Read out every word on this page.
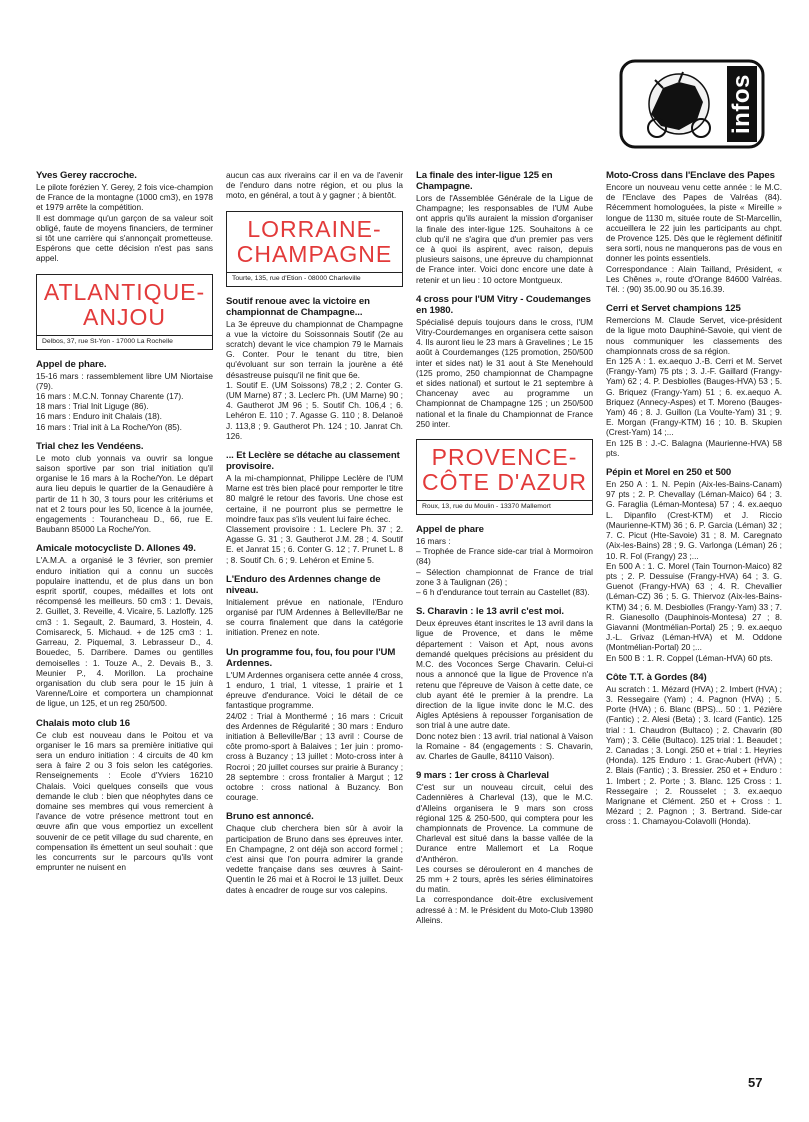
infos
Yves Gerey raccroche.
Le pilote forézien Y. Gerey, 2 fois vice-champion de France de la montagne (1000 cm3), en 1978 et 1979 arrête la compétition.
Il est dommage qu'un garçon de sa valeur soit obligé, faute de moyens financiers, de terminer si tôt une carrière qui s'annonçait prometteuse. Espérons que cette décision n'est pas sans appel.
ATLANTIQUE-
ANJOU
Delbos, 37, rue St-Yon - 17000 La Rochelle
Appel de phare.
15-16 mars : rassemblement libre UM Niortaise (79).
16 mars : M.C.N. Tonnay Charente (17).
18 mars : Trial Init Liguge (86).
16 mars : Enduro init Chalais (18).
16 mars : Trial init à La Roche/Yon (85).
Trial chez les Vendéens.
Le moto club yonnais va ouvrir sa longue saison sportive par son trial initiation qu'il organise le 16 mars à la Roche/Yon. Le départ aura lieu depuis le quartier de la Genaudière à partir de 11 h 30, 3 tours pour les critériums et nat et 2 tours pour les 50, licence à la journée, engagements : Tourancheau D., 66, rue E. Baubann 85000 La Roche/Yon.
Amicale motocycliste D. Allones 49.
L'A.M.A. a organisé le 3 février, son premier enduro initiation qui a connu un succès populaire inattendu, et de plus dans un bon esprit sportif, coupes, médailles et lots ont récompensé les meilleurs. 50 cm3 : 1. Devais, 2. Guillet, 3. Reveille, 4. Vicaire, 5. Lazloffy. 125 cm3 : 1. Segault, 2. Baumard, 3. Hostein, 4. Comisareck, 5. Michaud. + de 125 cm3 : 1. Garreau, 2. Piquemal, 3. Lebrasseur D., 4. Bouedec, 5. Darribere. Dames ou gentilles demoiselles : 1. Touze A., 2. Devais B., 3. Meunier P., 4. Morillon. La prochaine organisation du club sera pour le 15 juin à Varenne/Loire et comportera un championnat de ligue, un 125, et un reg 250/500.
Chalais moto club 16
Ce club est nouveau dans le Poitou et va organiser le 16 mars sa première initiative qui sera un enduro initiation : 4 circuits de 40 km sera à faire 2 ou 3 fois selon les catégories. Renseignements : Ecole d'Yviers 16210 Chalais. Voici quelques conseils que vous demande le club : bien que néophytes dans ce domaine ses membres qui vous remercient à l'avance de votre présence mettront tout en œuvre afin que vous emportiez un excellent souvenir de ce petit village du sud charente, en compensation ils émettent un seul souhait : que les concurrents sur le parcours qu'ils vont emprunter ne nuisent en
aucun cas aux riverains car il en va de l'avenir de l'enduro dans notre région, et ou plus la moto, en général, a tout à y gagner ; à bientôt.
LORRAINE-
CHAMPAGNE
Tourte, 135, rue d'Etion - 08000 Charleville
Soutif renoue avec la victoire en championnat de Champagne...
La 3e épreuve du championnat de Champagne a vue la victoire du Soissonnais Soutif (2e au scratch) devant le vice champion 79 le Marnais G. Conter. Pour le tenant du titre, bien qu'évoluant sur son terrain la jourène a été désastreuse puisqu'il ne finit que 6e.
1. Soutif E. (UM Soissons) 78,2 ; 2. Conter G. (UM Marne) 87 ; 3. Leclerc Ph. (UM Marne) 90 ; 4. Gautherot JM 96 ; 5. Soutif Ch. 106,4 ; 6. Lehéron E. 110 ; 7. Agasse G. 110 ; 8. Delanoë J. 113,8 ; 9. Gautherot Ph. 124 ; 10. Janrat Ch. 126.
... Et Leclère se détache au classement provisoire.
A la mi-championnat, Philippe Leclère de l'UM Marne est très bien placé pour remporter le titre 80 malgré le retour des favoris. Une chose est certaine, il ne pourront plus se permettre le moindre faux pas s'ils veulent lui faire échec.
Classement provisoire : 1. Leclere Ph. 37 ; 2. Agasse G. 31 ; 3. Gautherot J.M. 28 ; 4. Soutif E. et Janrat 15 ; 6. Conter G. 12 ; 7. Prunet L. 8 ; 8. Soutif Ch. 6 ; 9. Lehéron et Emine 5.
L'Enduro des Ardennes change de niveau.
Initialement prévue en nationale, l'Enduro organisé par l'UM Ardennes à Belleville/Bar ne se courra finalement que dans la catégorie initiation. Prenez en note.
Un programme fou, fou, fou pour l'UM Ardennes.
L'UM Ardennes organisera cette année 4 cross, 1 enduro, 1 trial, 1 vitesse, 1 prairie et 1 épreuve d'endurance. Voici le détail de ce fantastique programme.
24/02 : Trial à Monthermé ; 16 mars : Cricuit des Ardennes de Régularité ; 30 mars : Enduro initiation à Belleville/Bar ; 13 avril : Course de côte promo-sport à Balaives ; 1er juin : promo-cross à Buzancy ; 13 juillet : Moto-cross inter à Rocroi ; 20 juillet courses sur prairie à Burancy ; 28 septembre : cross frontalier à Margut ; 12 octobre : cross national à Buzancy. Bon courage.
Bruno est annoncé.
Chaque club cherchera bien sûr à avoir la participation de Bruno dans ses épreuves inter. En Champagne, 2 ont déjà son accord formel ; c'est ainsi que l'on pourra admirer la grande vedette française dans ses œuvres à Saint-Quentin le 26 mai et à Rocroi le 13 juillet. Deux dates à encadrer de rouge sur vos calepins.
La finale des inter-ligue 125 en Champagne.
Lors de l'Assemblée Générale de la Ligue de Champagne; les responsables de l'UM Aube ont appris qu'ils auraient la mission d'organiser la finale des inter-ligue 125. Souhaitons à ce club qu'il ne s'agira que d'un premier pas vers ce à quoi ils aspirent, avec raison, depuis plusieurs saisons, une épreuve du championnat de France inter. Voici donc encore une date à retenir et un lieu : 10 octore Montgueux.
4 cross pour l'UM Vitry - Coudemanges en 1980.
Spécialisé depuis toujours dans le cross, l'UM Vitry-Courdemanges en organisera cette saison 4. Ils auront lieu le 23 mars à Gravelines ; Le 15 août à Courdemanges (125 promotion, 250/500 inter et sides nat) le 31 aout à Ste Menehould (125 promo, 250 championnat de Champagne et sides national) et surtout le 21 septembre à Chancenay avec au programme un Championnat de Champagne 125 ; un 250/500 national et la finale du Championnat de France 250 inter.
PROVENCE-
CÔTE D'AZUR
Roux, 13, rue du Moulin - 13370 Mallemort
Appel de phare
16 mars :
– Trophée de France side-car trial à Mormoiron (84)
– Sélection championnat de France de trial zone 3 à Taulignan (26) ;
– 6 h d'endurance tout terrain au Castellet (83).
S. Charavin : le 13 avril c'est moi.
Deux épreuves étant inscrites le 13 avril dans la ligue de Provence, et dans le même département : Vaison et Apt, nous avons demandé quelques précisions au président du M.C. des Voconces Serge Chavarin. Celui-ci nous a annoncé que la ligue de Provence n'a retenu que l'épreuve de Vaison à cette date, ce club ayant été le premier à la prendre. La direction de la ligue invite donc le M.C. des Aigles Aptésiens à repousser l'organisation de son trial à une autre date.
Donc notez bien : 13 avril. trial national à Vaison la Romaine - 84 (engagements : S. Chavarin, av. Charles de Gaulle, 84110 Vaison).
9 mars : 1er cross à Charleval
C'est sur un nouveau circuit, celui des Cadennières à Charleval (13), que le M.C. d'Alleins organisera le 9 mars son cross régional 125 & 250-500, qui comptera pour les championnats de Provence. La commune de Charleval est situé dans la basse vallée de la Durance entre Mallemort et La Roque d'Anthéron.
Les courses se dérouleront en 4 manches de 25 mm + 2 tours, après les séries éliminatoires du matin.
La correspondance doit-être exclusivement adressé à : M. le Président du Moto-Club 13980 Alleins.
Moto-Cross dans l'Enclave des Papes
Encore un nouveau venu cette année : le M.C. de l'Enclave des Papes de Valréas (84). Récemment homologuées, la piste « Mireille » longue de 1130 m, située route de St-Marcellin, accueillera le 22 juin les participants au chpt. de Provence 125. Dès que le règlement définitif sera sorti, nous ne manquerons pas de vous en donner les points essentiels.
Correspondance : Alain Tailland, Président, « Les Chênes », route d'Orange 84600 Valréas. Tél. : (90) 35.00.90 ou 35.16.39.
Cerri et Servet champions 125
Remercions M. Claude Servet, vice-président de la ligue moto Dauphiné-Savoie, qui vient de nous communiquer les classements des championnats cross de sa région.
En 125 A : 1. ex.aequo J.-B. Cerri et M. Servet (Frangy-Yam) 75 pts ; 3. J.-F. Gaillard (Frangy-Yam) 62 ; 4. P. Desbiolles (Bauges-HVA) 53 ; 5. G. Briquez (Frangy-Yam) 51 ; 6. ex.aequo A. Briquez (Annecy-Aspes) et T. Moreno (Bauges-Yam) 46 ; 8. J. Guillon (La Voulte-Yam) 31 ; 9. E. Morgan (Frangy-KTM) 16 ; 10. B. Skupien (Crest-Yam) 14 ;...
En 125 B : J.-C. Balagna (Maurienne-HVA) 58 pts.
Pépin et Morel en 250 et 500
En 250 A : 1. N. Pepin (Aix-les-Bains-Canam) 97 pts ; 2. P. Chevallay (Léman-Maico) 64 ; 3. G. Faraglia (Léman-Montesa) 57 ; 4. ex.aequo L. Dipanfilo (Crest-KTM) et J. Riccio (Maurienne-KTM) 36 ; 6. P. Garcia (Léman) 32 ; 7. C. Picut (Hte-Savoie) 31 ; 8. M. Caregnato (Aix-les-Bains) 28 ; 9. G. Varlonga (Léman) 26 ; 10. R. Fol (Frangy) 23 ;...
En 500 A : 1. C. Morel (Tain Tournon-Maico) 82 pts ; 2. P. Dessuise (Frangy-HVA) 64 ; 3. G. Guenot (Frangy-HVA) 63 ; 4. R. Chevallier (Léman-CZ) 36 ; 5. G. Thiervoz (Aix-les-Bains-KTM) 34 ; 6. M. Desbiolles (Frangy-Yam) 33 ; 7. R. Gianesollo (Dauphinois-Montesa) 27 ; 8. Giavanni (Montmélian-Portal) 25 ; 9. ex.aequo J.-L. Grivaz (Léman-HVA) et M. Oddone (Montmélian-Portal) 20 ;...
En 500 B : 1. R. Coppel (Léman-HVA) 60 pts.
Côte T.T. à Gordes (84)
Au scratch : 1. Mézard (HVA) ; 2. Imbert (HVA) ; 3. Ressegaire (Yam) ; 4. Pagnon (HVA) ; 5. Porte (HVA) ; 6. Blanc (BPS)... 50 : 1. Pézière (Fantic) ; 2. Alesi (Beta) ; 3. Icard (Fantic). 125 trial : 1. Chaudron (Bultaco) ; 2. Chavarin (80 Yam) ; 3. Célie (Bultaco). 125 trial : 1. Beaudet ; 2. Canadas ; 3. Longi. 250 et + trial : 1. Heyries (Honda). 125 Enduro : 1. Grac-Aubert (HVA) ; 2. Blais (Fantic) ; 3. Bressier. 250 et + Enduro : 1. Imbert ; 2. Porte ; 3. Blanc. 125 Cross : 1. Ressegaire ; 2. Rousselet ; 3. ex.aequo Marignane et Clément. 250 et + Cross : 1. Mézard ; 2. Pagnon ; 3. Bertrand. Side-car cross : 1. Chamayou-Colavolli (Honda).
57
